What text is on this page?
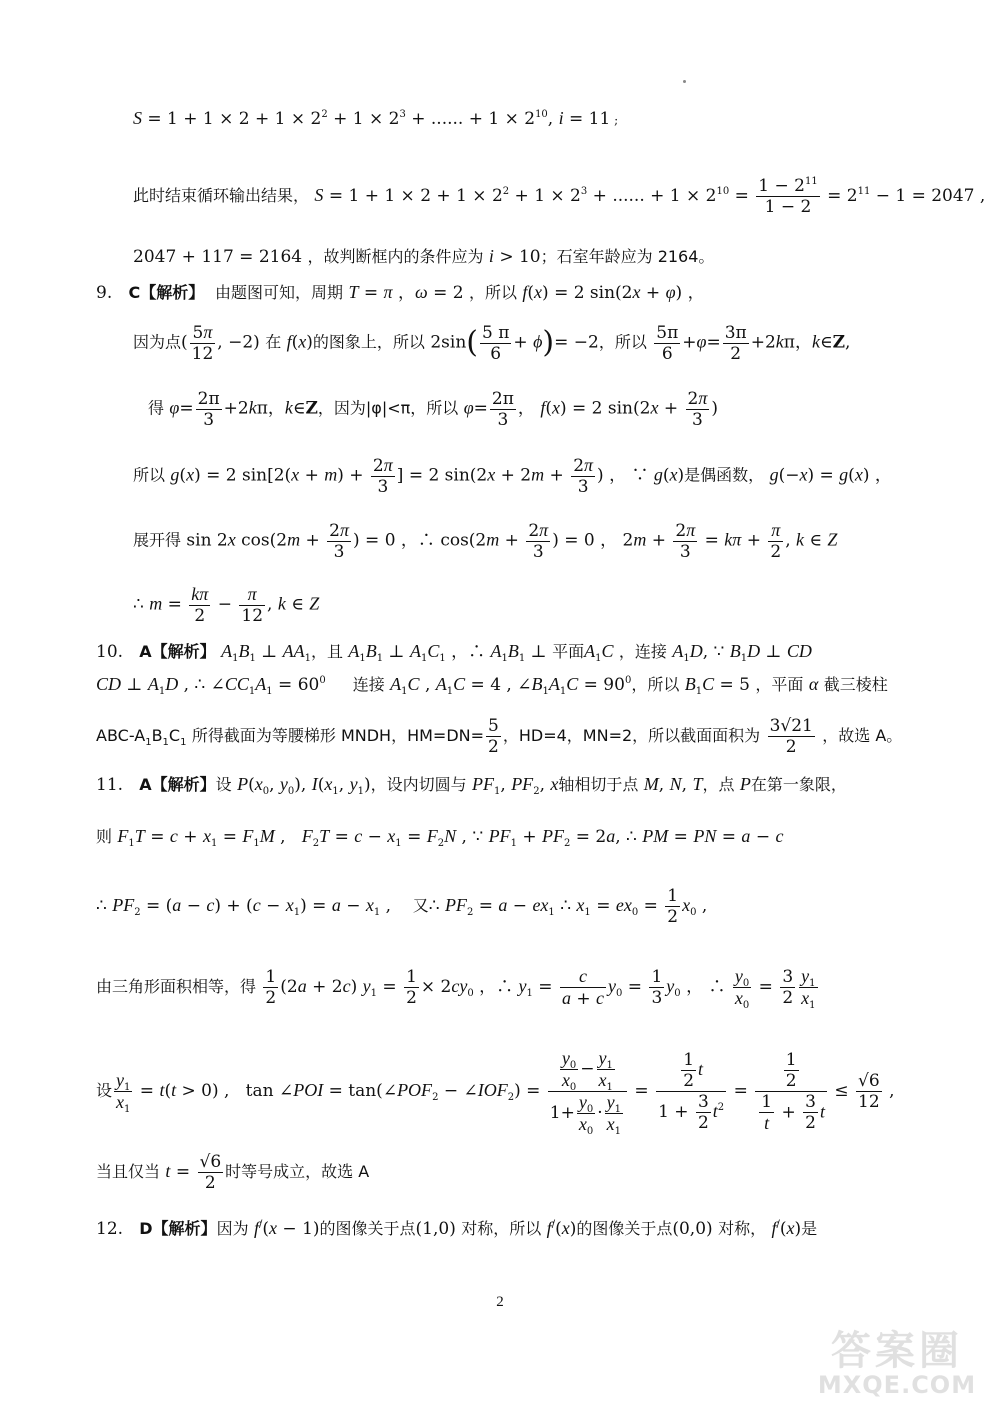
$S = 1 + 1 \times 2 + 1 \times 2^2 + 1 \times 2^3$ + ...... + $1 \times 2^{10}$, i = 11 ;
此时结束循环输出结果， $S = 1 + 1 \times 2 + 1 \times 2^2 + 1 \times 2^3$ + ...... + $1 \times 2^{10} = \frac{1 - 2^{11}}{1 - 2} = 2^{11} - 1 = 2047$ ,
2047 + 117 = 2164 ，故判断框内的条件应为 i > 10；石室年龄应为 2164。
9. C【解析】 由题图可知，周期 T = π ，ω = 2 ，所以 f(x) = 2 sin(2x + φ) ，
因为点( $\frac{5\pi}{12}$ , −2) 在 f(x)的图象上，所以 $2\sin( \frac{5 \pi}{6} + \phi)= -2$，所以 $\frac{5\pi}{6} +\varphi= \frac{3\pi}{2} +2k\pi$，k∈Z,
得 $\varphi= \frac{2\pi}{3} +2k\pi$，k∈Z，因为|φ|<π，所以 $\varphi= \frac{2\pi}{3}$ ， f(x) = 2 $\sin(2x + \frac{2\pi}{3}$ )
所以 g(x) = 2 $\sin[2(x + m) + \frac{2\pi}{3}$ ] = 2 $\sin(2x + 2m + \frac{2\pi}{3}$ ) ， ∵ g(x)是偶函数， g(−x) = g(x) ，
展开得 sin 2x $\cos(2m + \frac{2\pi}{3}$ ) = 0 ，∴ $\cos(2m + \frac{2\pi}{3}$ ) = 0 ， $2m + \frac{2\pi}{3} = k\pi + \frac{\pi}{2}$ , k ∈ Z
∴ $m = \frac{k\pi}{2} - \frac{\pi}{12}$ , k ∈ Z
10. A【解析】 $A_1B_1$ ⊥ $AA_1$，且 $A_1B_1$ ⊥ $A_1C_1$ ，∴ $A_1B_1$ ⊥ 平面$A_1C$ ，连接 $A_1D$, ∵ $B_1D$ ⊥ CD
CD ⊥ $A_1D$ , ∴ $\angle CC_1A_1 = 60^0$ 连接 $A_1C$ , $A_1C = 4$ , $\angle B_1A_1C = 90^0$，所以 $B_1C = 5$ ，平面 α 截三棱柱
ABC-$A_1B_1C_1$ 所得截面为等腰梯形 MNDH，$HM=DN= \frac{5}{2}$ ，HD=4，MN=2，所以截面面积为 $\frac{3√21}{2}$ ，故选 A。
11. A【解析】设 $P(x_0$, $y_0$), $I(x_1$, $y_1$)，设内切圆与 $PF_1$, $PF_2$, x轴相切于点 M, N, T，点 P在第一象限，
则 $F_1T = c + x_1 = F_1M$ ,   $F_2T = c - x_1 = F_2N$ , ∵ $PF_1 + PF_2 = 2a$, ∴ PM = PN = a − c
∴ $PF_2 = (a - c) + (c - x_1) = a - x_1$ ,    又∴ $PF_2 = a - ex_1$ ∴ $x_1 = ex_0 = \frac{1}{2} x_0$ ,
由三角形面积相等，得 $\frac{1}{2} (2a + 2c) y_1 = \frac{1}{2} \times 2cy_0$ ，∴ $y_1 = \frac{c}{a + c} y_0 = \frac{1}{3} y_0$ ， ∴ $\frac{y_0}{x_0} = \frac{3}{2} \frac{y_1}{x_1}$
设 $\frac{y_1}{x_1} = t(t > 0)$ ,   tan ∠POI = $\tan(\angle POF_2$ − $\angle IOF_2) = \frac{\frac{y_0}{x_0} - \frac{y_1}{x_1}}{1+ \frac{y_0}{x_0} \cdot \frac{y_1}{x_1}} = \frac{\frac{1}{2} t}{1 + \frac{3}{2} t^2} = \frac{\frac{1}{2}}{\frac{1}{t} + \frac{3}{2} t} \le \frac{√6}{12}$ ,
当且仅当 $t = \frac{√6}{2}$ 时等号成立，故选 A
12. D【解析】因为 f/(x − 1)的图像关于点(1,0) 对称，所以 f/(x)的图像关于点(0,0) 对称， f/(x)是
2
答案圈
MXQE.COM
